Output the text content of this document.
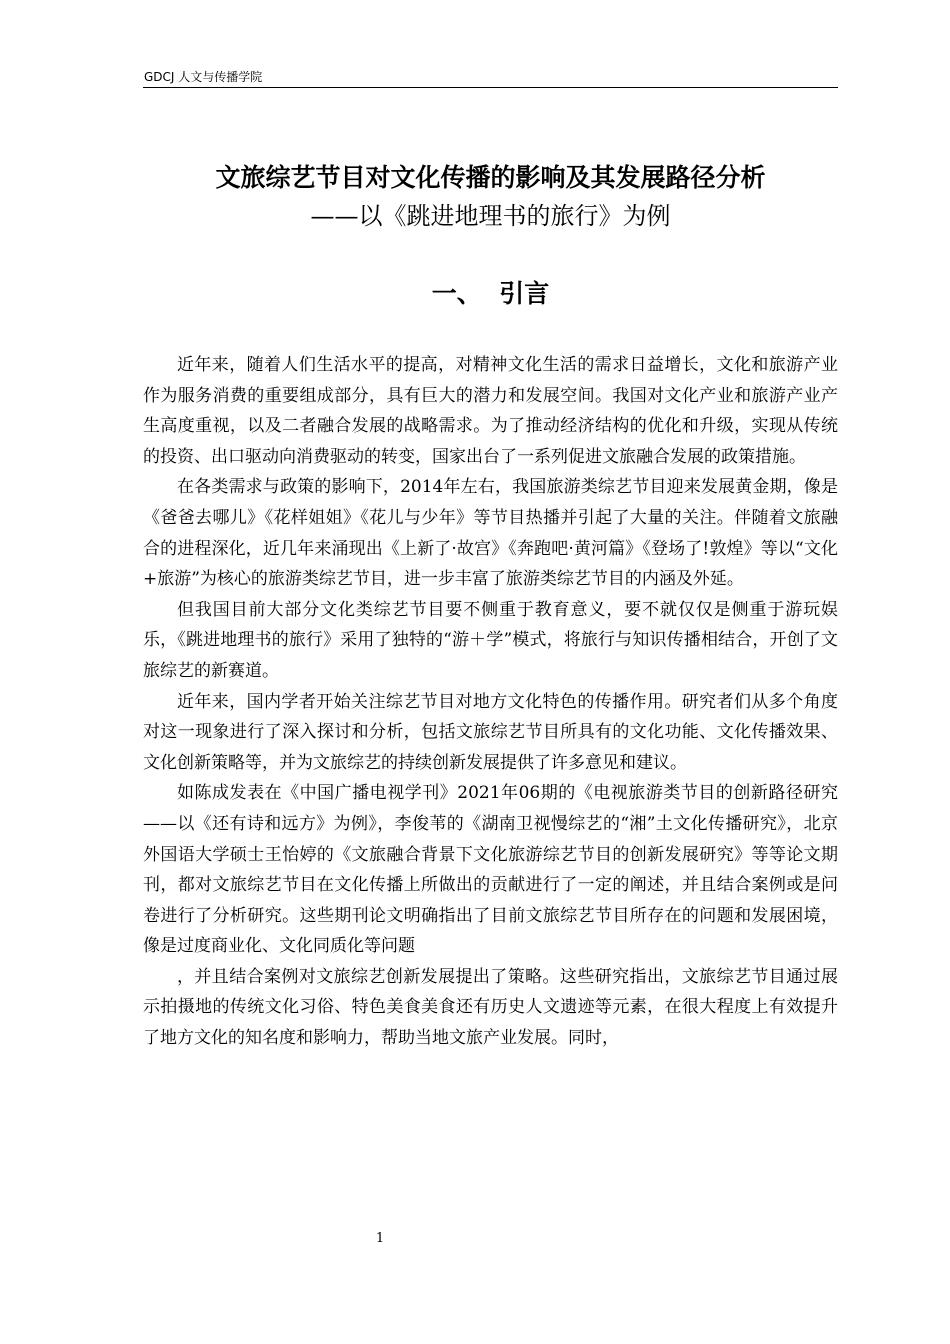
GDCJ 人文与传播学院
文旅综艺节目对文化传播的影响及其发展路径分析
——以《跳进地理书的旅行》为例
一、  引言

近年来，随着人们生活水平的提高，对精神文化生活的需求日益增长，文化和旅游产业作为服务消费的重要组成部分，具有巨大的潜力和发展空间。我国对文化产业和旅游产业产生高度重视，以及二者融合发展的战略需求。为了推动经济结构的优化和升级，实现从传统的投资、出口驱动向消费驱动的转变，国家出台了一系列促进文旅融合发展的政策措施。

在各类需求与政策的影响下，2014年左右，我国旅游类综艺节目迎来发展黄金期，像是《爸爸去哪儿》《花样姐姐》《花儿与少年》等节目热播并引起了大量的关注。伴随着文旅融合的进程深化，近几年来涌现出《上新了·故宫》《奔跑吧·黄河篇》《登场了!敦煌》等以“文化+旅游”为核心的旅游类综艺节目，进一步丰富了旅游类综艺节目的内涵及外延。

但我国目前大部分文化类综艺节目要不侧重于教育意义，要不就仅仅是侧重于游玩娱乐，《跳进地理书的旅行》采用了独特的“游＋学”模式，将旅行与知识传播相结合，开创了文旅综艺的新赛道。

近年来，国内学者开始关注综艺节目对地方文化特色的传播作用。研究者们从多个角度对这一现象进行了深入探讨和分析，包括文旅综艺节目所具有的文化功能、文化传播效果、文化创新策略等，并为文旅综艺的持续创新发展提供了许多意见和建议。

如陈成发表在《中国广播电视学刊》2021年06期的《电视旅游类节目的创新路径研究——以《还有诗和远方》为例》，李俊苇的《湖南卫视慢综艺的“湘”土文化传播研究》，北京外国语大学硕士王怡婷的《文旅融合背景下文化旅游综艺节目的创新发展研究》等等论文期刊，都对文旅综艺节目在文化传播上所做出的贡献进行了一定的阐述，并且结合案例或是问卷进行了分析研究。这些期刊论文明确指出了目前文旅综艺节目所存在的问题和发展困境，像是过度商业化、文化同质化等问题

，并且结合案例对文旅综艺创新发展提出了策略。这些研究指出，文旅综艺节目通过展示拍摄地的传统文化习俗、特色美食美食还有历史人文遗迹等元素，在很大程度上有效提升了地方文化的知名度和影响力，帮助当地文旅产业发展。同时，

1
